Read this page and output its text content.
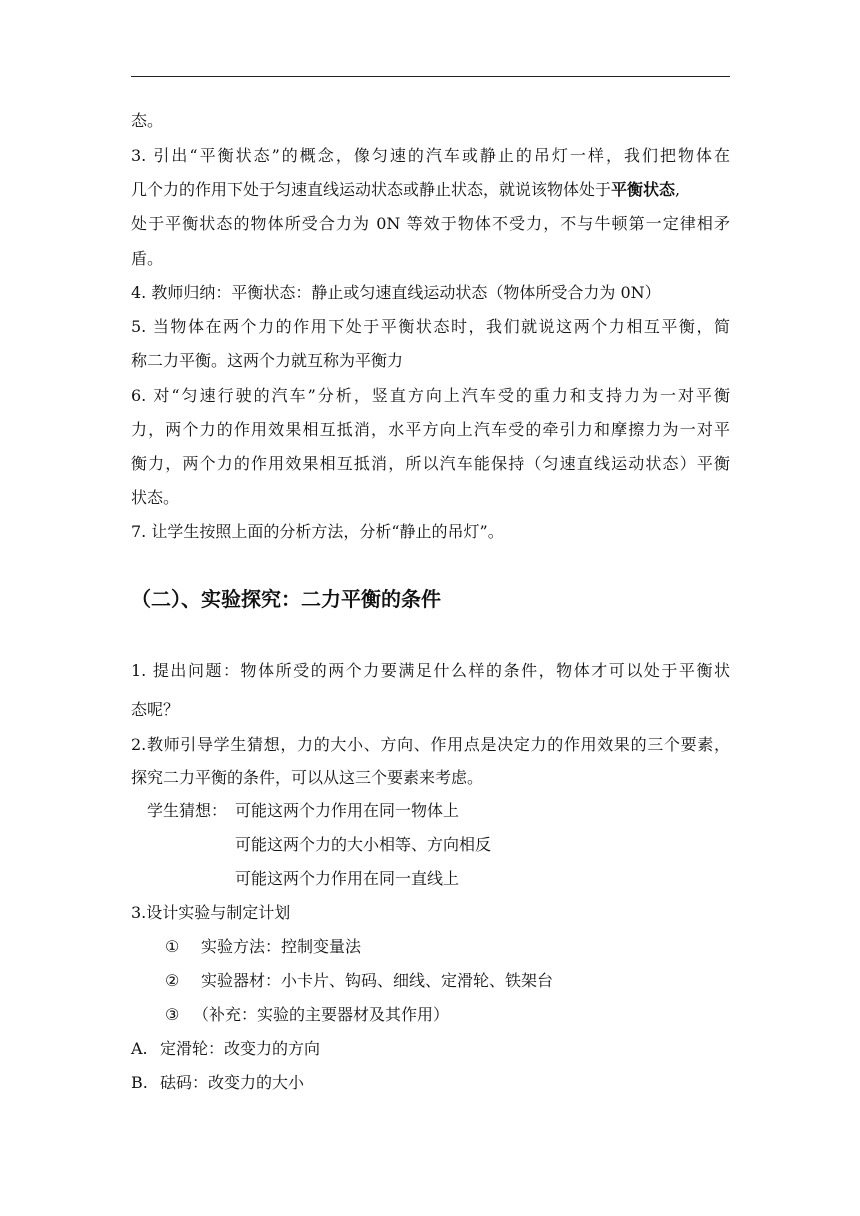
态。
3. 引出“平衡状态”的概念，像匀速的汽车或静止的吊灯一样，我们把物体在
几个力的作用下处于匀速直线运动状态或静止状态，就说该物体处于平衡状态,
处于平衡状态的物体所受合力为 0N 等效于物体不受力，不与牛顿第一定律相矛
盾。
4. 教师归纳：平衡状态：静止或匀速直线运动状态（物体所受合力为 0N）
5. 当物体在两个力的作用下处于平衡状态时，我们就说这两个力相互平衡，简
称二力平衡。这两个力就互称为平衡力
6. 对“匀速行驶的汽车”分析，竖直方向上汽车受的重力和支持力为一对平衡
力，两个力的作用效果相互抵消，水平方向上汽车受的牵引力和摩擦力为一对平
衡力，两个力的作用效果相互抵消，所以汽车能保持（匀速直线运动状态）平衡
状态。
7. 让学生按照上面的分析方法，分析“静止的吊灯”。
（二）、实验探究：二力平衡的条件
1. 提出问题：物体所受的两个力要满足什么样的条件，物体才可以处于平衡状
态呢？
2.教师引导学生猜想，力的大小、方向、作用点是决定力的作用效果的三个要素，
探究二力平衡的条件，可以从这三个要素来考虑。
学生猜想： 可能这两个力作用在同一物体上
可能这两个力的大小相等、方向相反
可能这两个力作用在同一直线上
3.设计实验与制定计划
① 实验方法：控制变量法
② 实验器材：小卡片、钩码、细线、定滑轮、铁架台
③ （补充：实验的主要器材及其作用）
A. 定滑轮：改变力的方向
B. 砝码：改变力的大小
